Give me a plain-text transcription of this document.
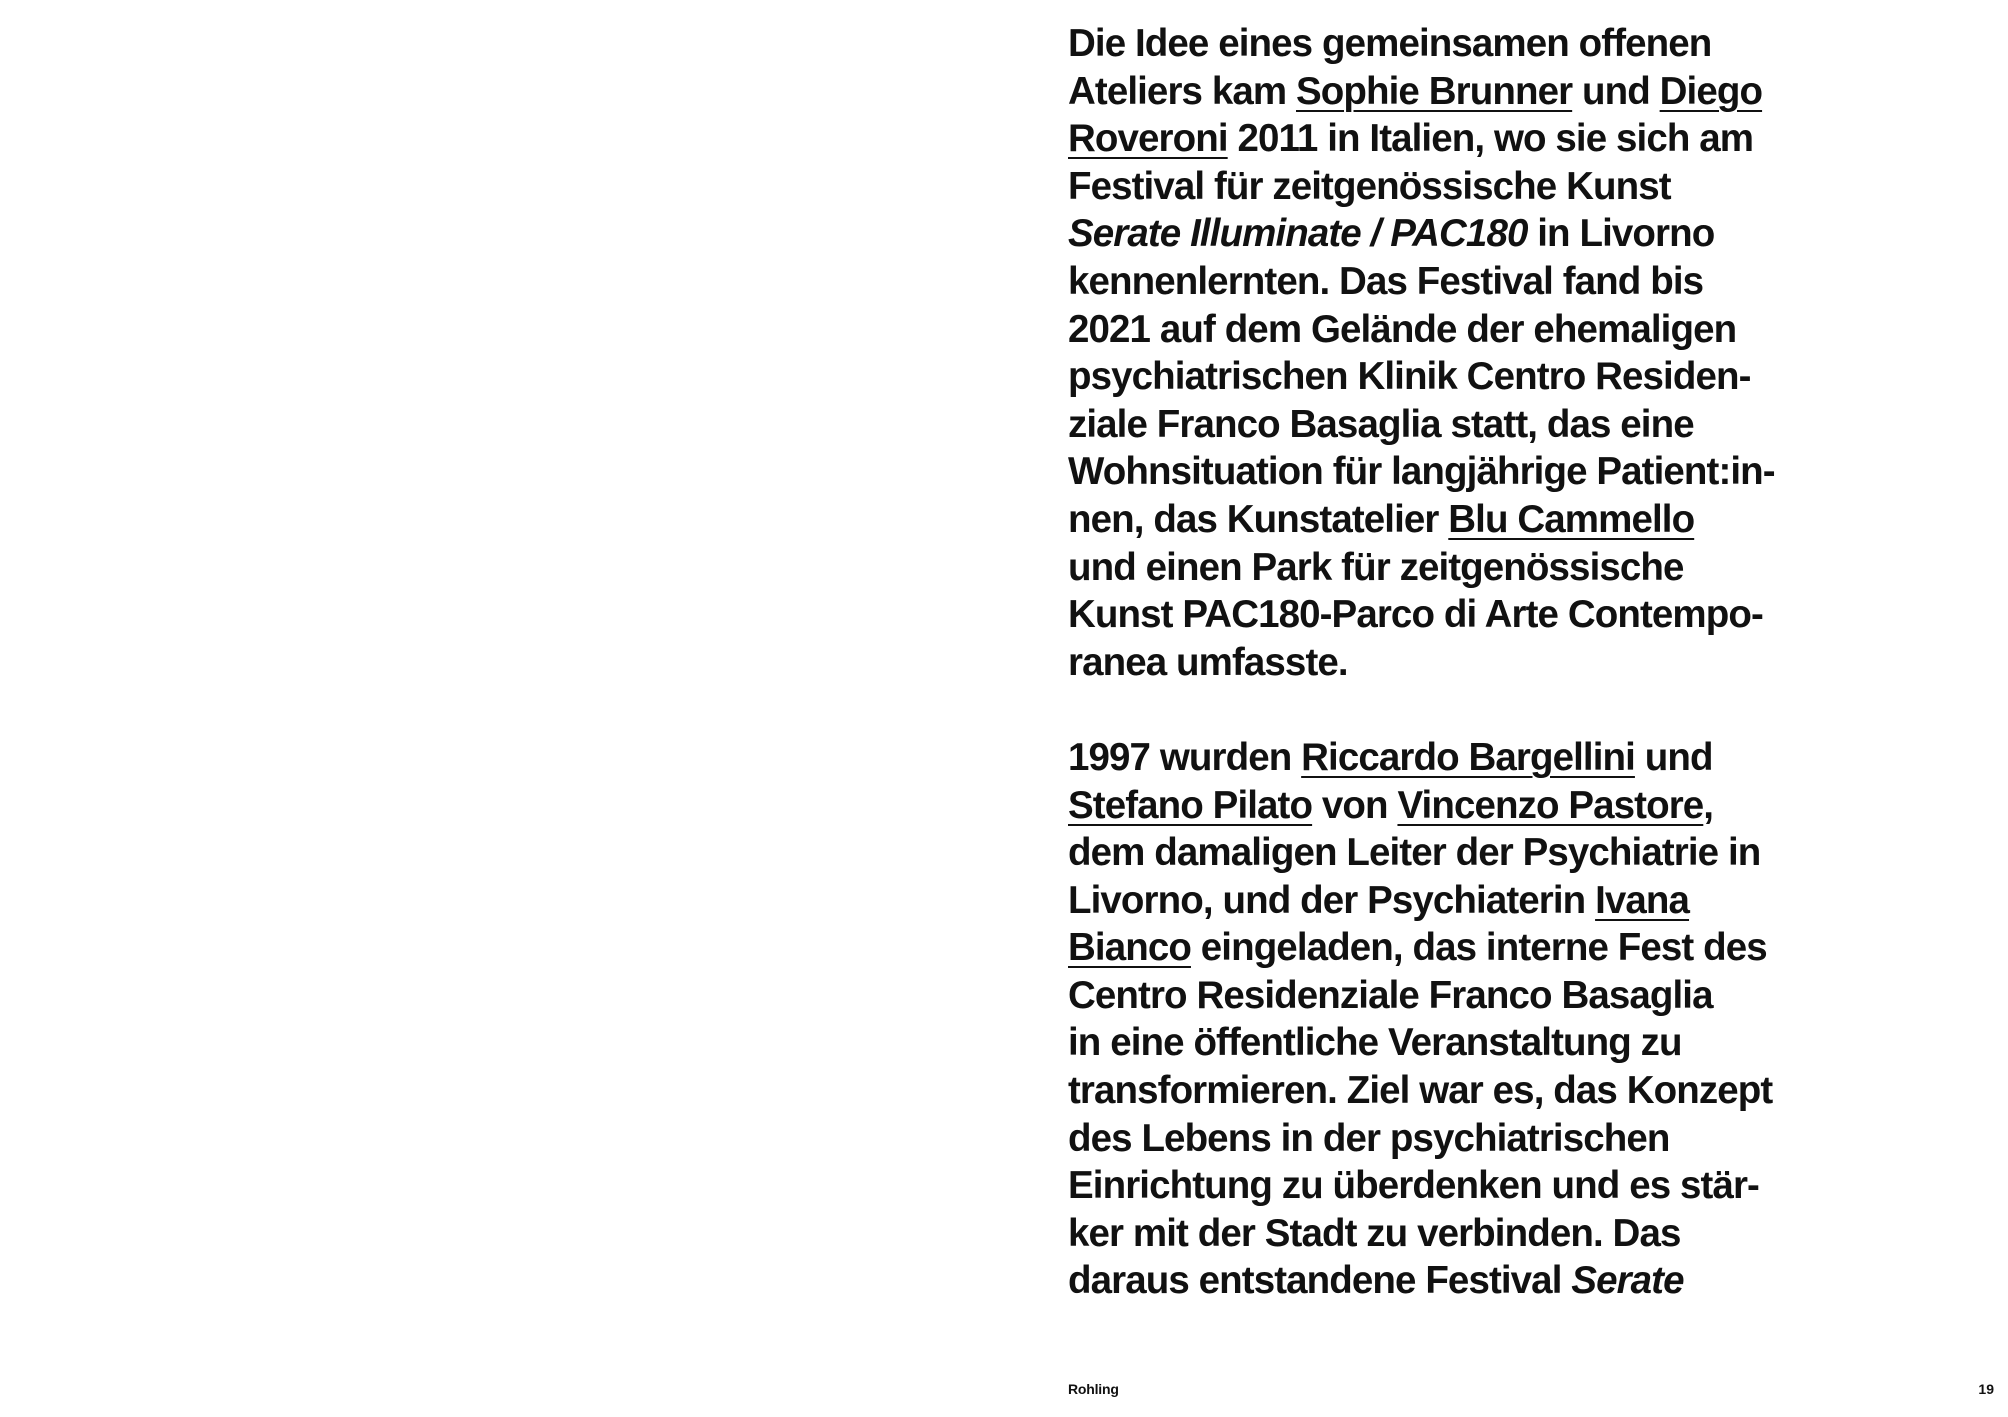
Die Idee eines gemeinsamen offenen
Ateliers kam Sophie Brunner und Diego
Roveroni 2011 in Italien, wo sie sich am
Festival für zeitgenössische Kunst
Serate Illuminate / PAC180 in Livorno
kennenlernten. Das Festival fand bis
2021 auf dem Gelände der ehemaligen
psychiatrischen Klinik Centro Residen-
ziale Franco Basaglia statt, das eine
Wohnsituation für langjährige Patient:in-
nen, das Kunstatelier Blu Cammello
und einen Park für zeitgenössische
Kunst PAC180-Parco di Arte Contempo-
ranea umfasste.

1997 wurden Riccardo Bargellini und
Stefano Pilato von Vincenzo Pastore,
dem damaligen Leiter der Psychiatrie in
Livorno, und der Psychiaterin Ivana
Bianco eingeladen, das interne Fest des
Centro Residenziale Franco Basaglia
in eine öffentliche Veranstaltung zu
transformieren. Ziel war es, das Konzept
des Lebens in der psychiatrischen
Einrichtung zu überdenken und es stär-
ker mit der Stadt zu verbinden. Das
daraus entstandene Festival Serate

Rohling	19
